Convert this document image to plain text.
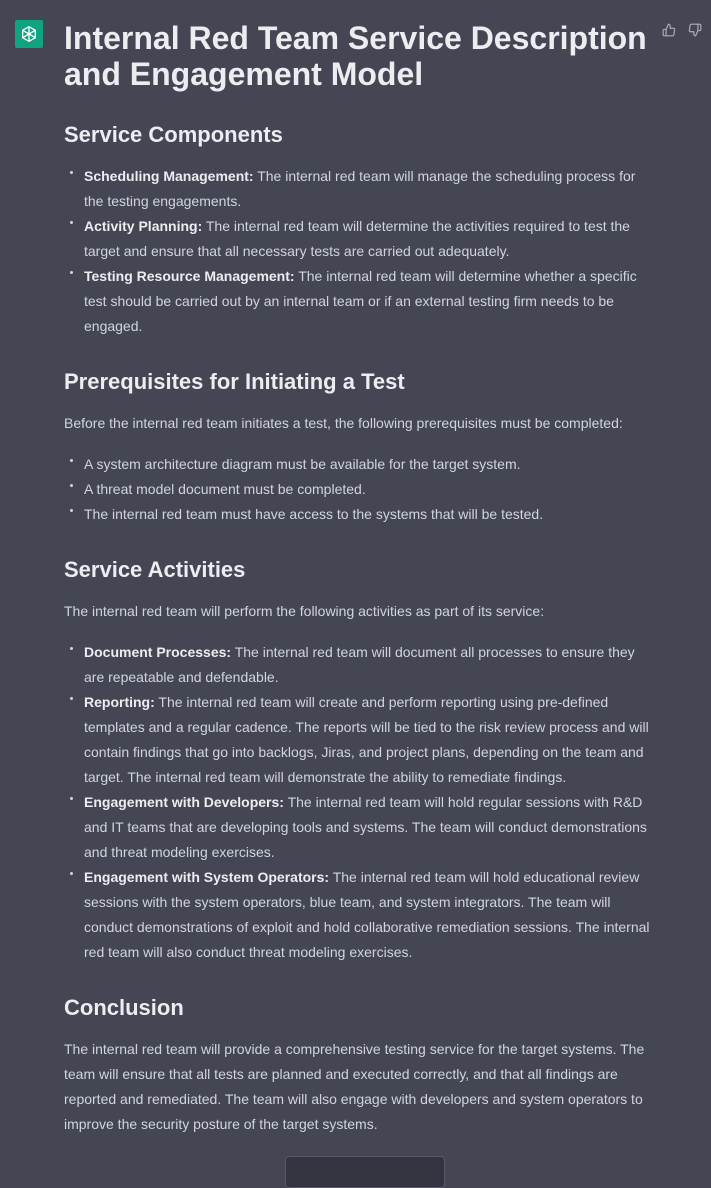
Internal Red Team Service Description and Engagement Model
Service Components
Scheduling Management: The internal red team will manage the scheduling process for the testing engagements.
Activity Planning: The internal red team will determine the activities required to test the target and ensure that all necessary tests are carried out adequately.
Testing Resource Management: The internal red team will determine whether a specific test should be carried out by an internal team or if an external testing firm needs to be engaged.
Prerequisites for Initiating a Test

Before the internal red team initiates a test, the following prerequisites must be completed:

A system architecture diagram must be available for the target system.
A threat model document must be completed.
The internal red team must have access to the systems that will be tested.
Service Activities

The internal red team will perform the following activities as part of its service:

Document Processes: The internal red team will document all processes to ensure they are repeatable and defendable.
Reporting: The internal red team will create and perform reporting using pre-defined templates and a regular cadence. The reports will be tied to the risk review process and will contain findings that go into backlogs, Jiras, and project plans, depending on the team and target. The internal red team will demonstrate the ability to remediate findings.
Engagement with Developers: The internal red team will hold regular sessions with R&D and IT teams that are developing tools and systems. The team will conduct demonstrations and threat modeling exercises.
Engagement with System Operators: The internal red team will hold educational review sessions with the system operators, blue team, and system integrators. The team will conduct demonstrations of exploit and hold collaborative remediation sessions. The internal red team will also conduct threat modeling exercises.
Conclusion

The internal red team will provide a comprehensive testing service for the target systems. The team will ensure that all tests are planned and executed correctly, and that all findings are reported and remediated. The team will also engage with developers and system operators to improve the security posture of the target systems.
